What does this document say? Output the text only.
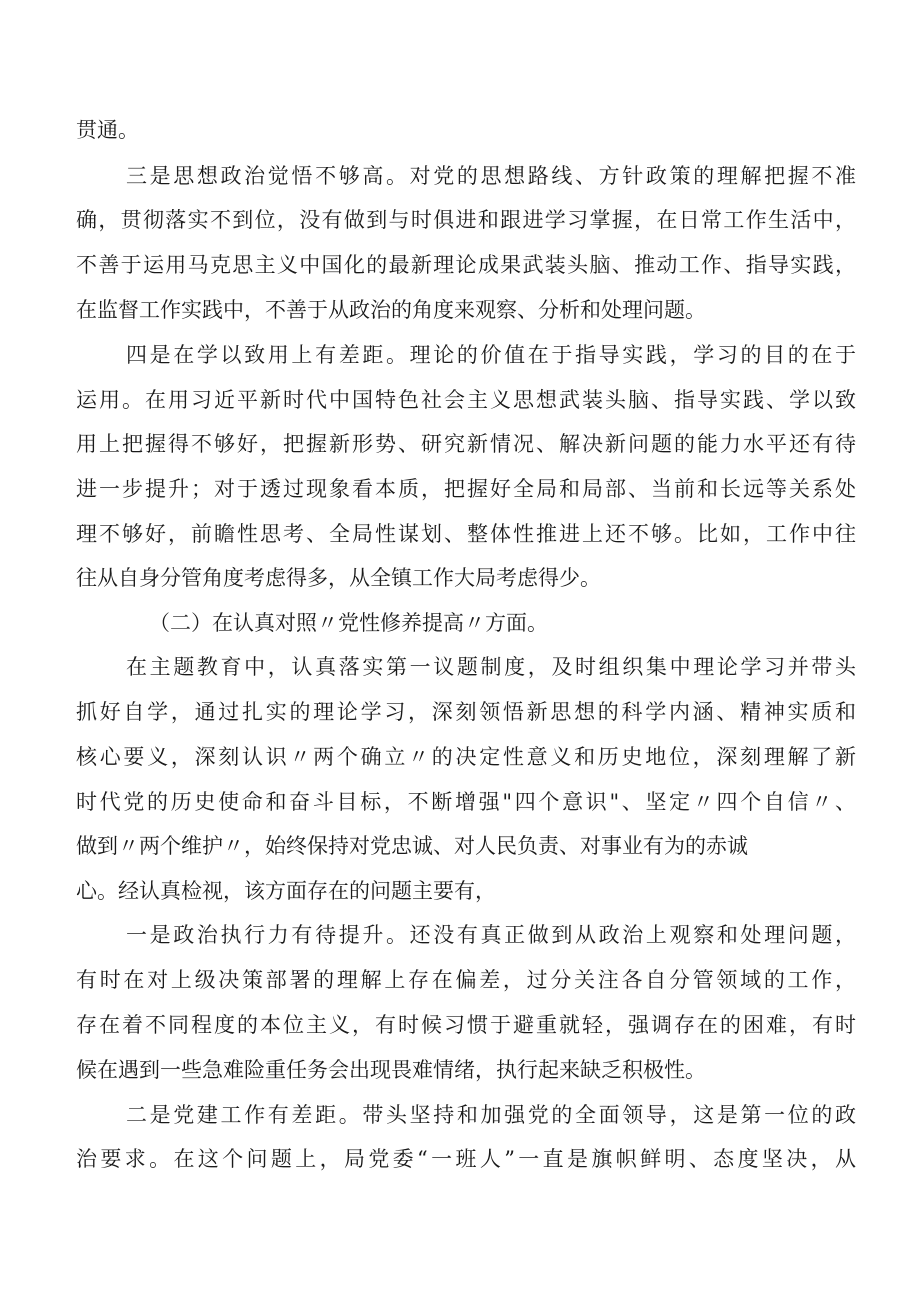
贯通。
三是思想政治觉悟不够高。对党的思想路线、方针政策的理解把握不准
确，贯彻落实不到位，没有做到与时俱进和跟进学习掌握，在日常工作生活中，
不善于运用马克思主义中国化的最新理论成果武装头脑、推动工作、指导实践，
在监督工作实践中，不善于从政治的角度来观察、分析和处理问题。
四是在学以致用上有差距。理论的价值在于指导实践，学习的目的在于
运用。在用习近平新时代中国特色社会主义思想武装头脑、指导实践、学以致
用上把握得不够好，把握新形势、研究新情况、解决新问题的能力水平还有待
进一步提升；对于透过现象看本质，把握好全局和局部、当前和长远等关系处
理不够好，前瞻性思考、全局性谋划、整体性推进上还不够。比如，工作中往
往从自身分管角度考虑得多，从全镇工作大局考虑得少。
（二）在认真对照〃党性修养提高〃方面。
在主题教育中，认真落实第一议题制度，及时组织集中理论学习并带头
抓好自学，通过扎实的理论学习，深刻领悟新思想的科学内涵、精神实质和
核心要义，深刻认识〃两个确立〃的决定性意义和历史地位，深刻理解了新
时代党的历史使命和奋斗目标，不断增强"四个意识"、坚定〃四个自信〃、
做到〃两个维护〃，始终保持对党忠诚、对人民负责、对事业有为的赤诚
心。经认真检视，该方面存在的问题主要有，
一是政治执行力有待提升。还没有真正做到从政治上观察和处理问题，
有时在对上级决策部署的理解上存在偏差，过分关注各自分管领域的工作，
存在着不同程度的本位主义，有时候习惯于避重就轻，强调存在的困难，有时
候在遇到一些急难险重任务会出现畏难情绪，执行起来缺乏积极性。
二是党建工作有差距。带头坚持和加强党的全面领导，这是第一位的政
治要求。在这个问题上，局党委“一班人”一直是旗帜鲜明、态度坚决，从
